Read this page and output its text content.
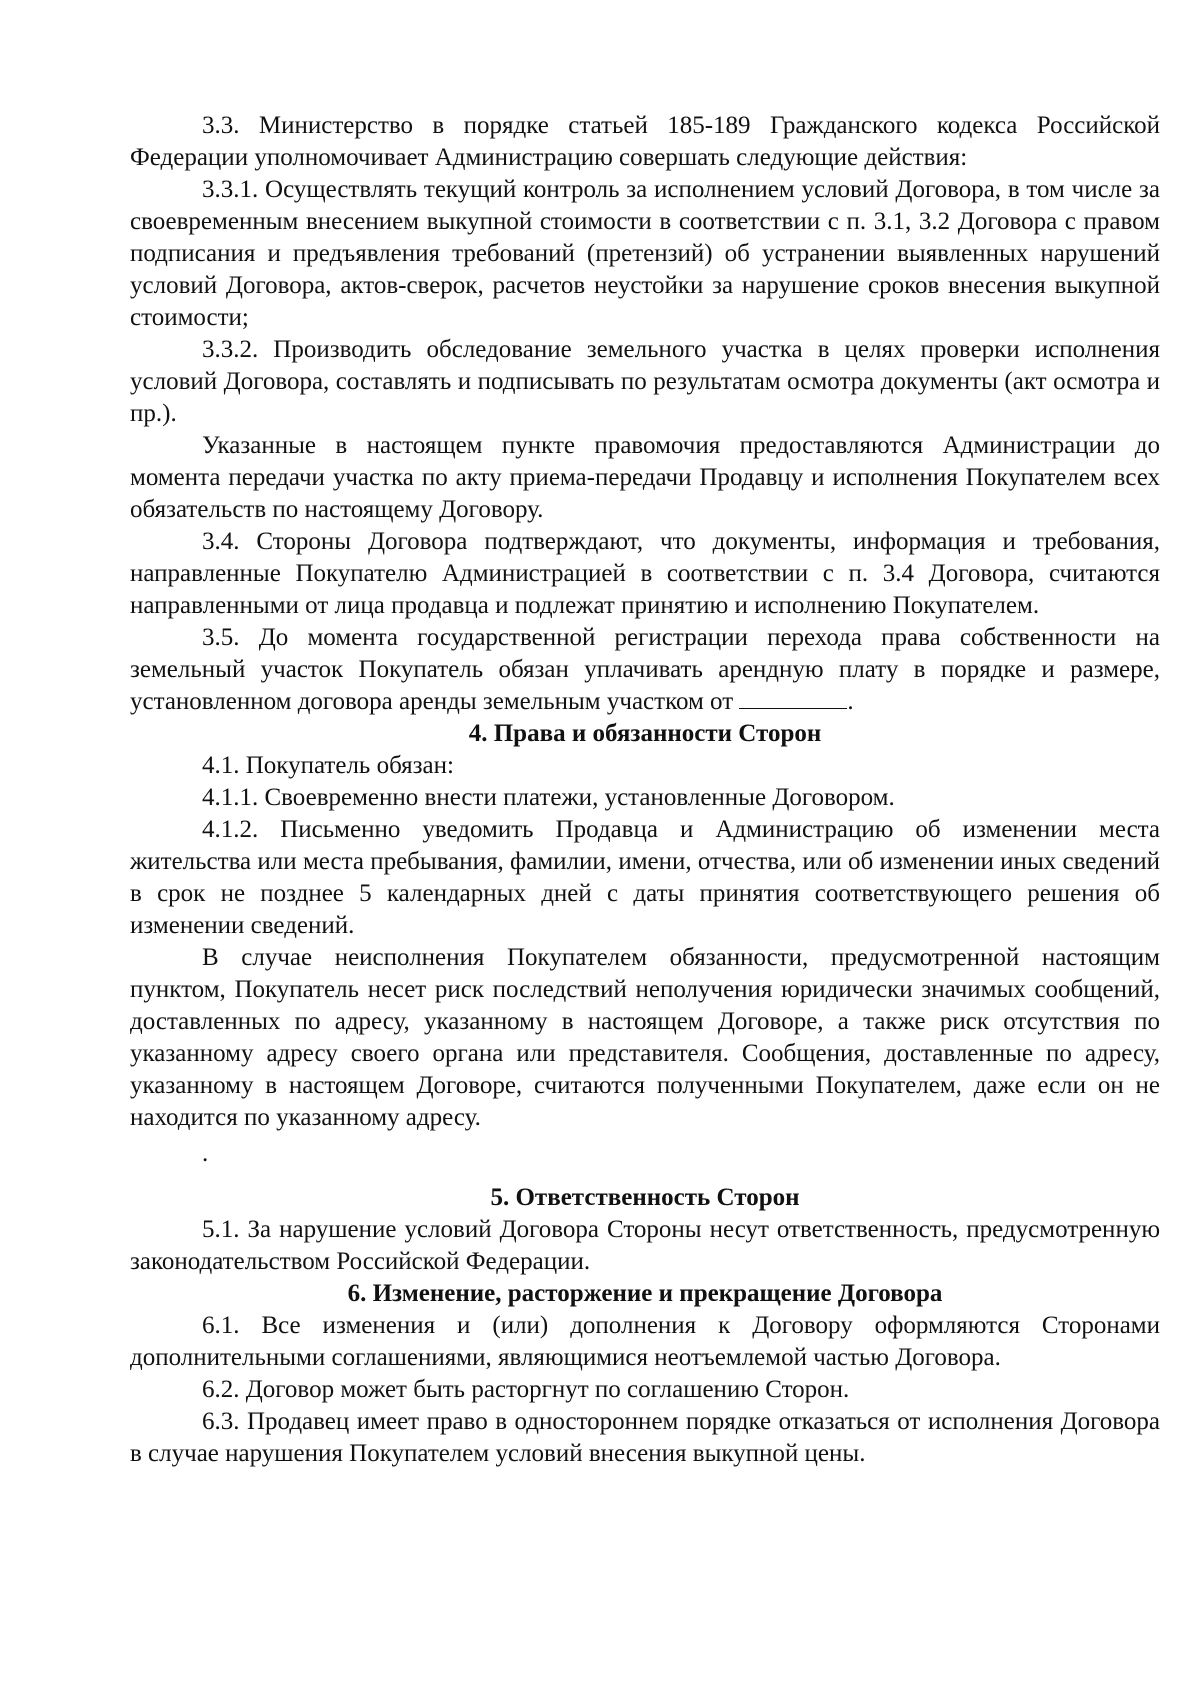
3.3. Министерство в порядке статьей 185-189 Гражданского кодекса Российской Федерации уполномочивает Администрацию совершать следующие действия:

3.3.1. Осуществлять текущий контроль за исполнением условий Договора, в том числе за своевременным внесением выкупной стоимости в соответствии с п. 3.1, 3.2 Договора с правом подписания и предъявления требований (претензий) об устранении выявленных нарушений условий Договора, актов-сверок, расчетов неустойки за нарушение сроков внесения выкупной стоимости;

3.3.2. Производить обследование земельного участка в целях проверки исполнения условий Договора, составлять и подписывать по результатам осмотра документы (акт осмотра и пр.).

Указанные в настоящем пункте правомочия предоставляются Администрации до момента передачи участка по акту приема-передачи Продавцу и исполнения Покупателем всех обязательств по настоящему Договору.

3.4. Стороны Договора подтверждают, что документы, информация и требования, направленные Покупателю Администрацией в соответствии с п. 3.4 Договора, считаются направленными от лица продавца и подлежат принятию и исполнению Покупателем.

3.5. До момента государственной регистрации перехода права собственности на земельный участок Покупатель обязан уплачивать арендную плату в порядке и размере, установленном договора аренды земельным участком от	.

4. Права и обязанности Сторон

4.1. Покупатель обязан:

4.1.1. Своевременно внести платежи, установленные Договором.

4.1.2. Письменно уведомить Продавца и Администрацию об изменении места жительства или места пребывания, фамилии, имени, отчества, или об изменении иных сведений в срок не позднее 5 календарных дней с даты принятия соответствующего решения об изменении сведений.

В случае неисполнения Покупателем обязанности, предусмотренной настоящим пунктом, Покупатель несет риск последствий неполучения юридически значимых сообщений, доставленных по адресу, указанному в настоящем Договоре, а также риск отсутствия по указанному адресу своего органа или представителя. Сообщения, доставленные по адресу, указанному в настоящем Договоре, считаются полученными Покупателем, даже если он не находится по указанному адресу.

.

5. Ответственность Сторон

5.1. За нарушение условий Договора Стороны несут ответственность, предусмотренную законодательством Российской Федерации.

6. Изменение, расторжение и прекращение Договора

6.1. Все изменения и (или) дополнения к Договору оформляются Сторонами дополнительными соглашениями, являющимися неотъемлемой частью Договора.

6.2. Договор может быть расторгнут по соглашению Сторон.

6.3. Продавец имеет право в одностороннем порядке отказаться от исполнения Договора в случае нарушения Покупателем условий внесения выкупной цены.
